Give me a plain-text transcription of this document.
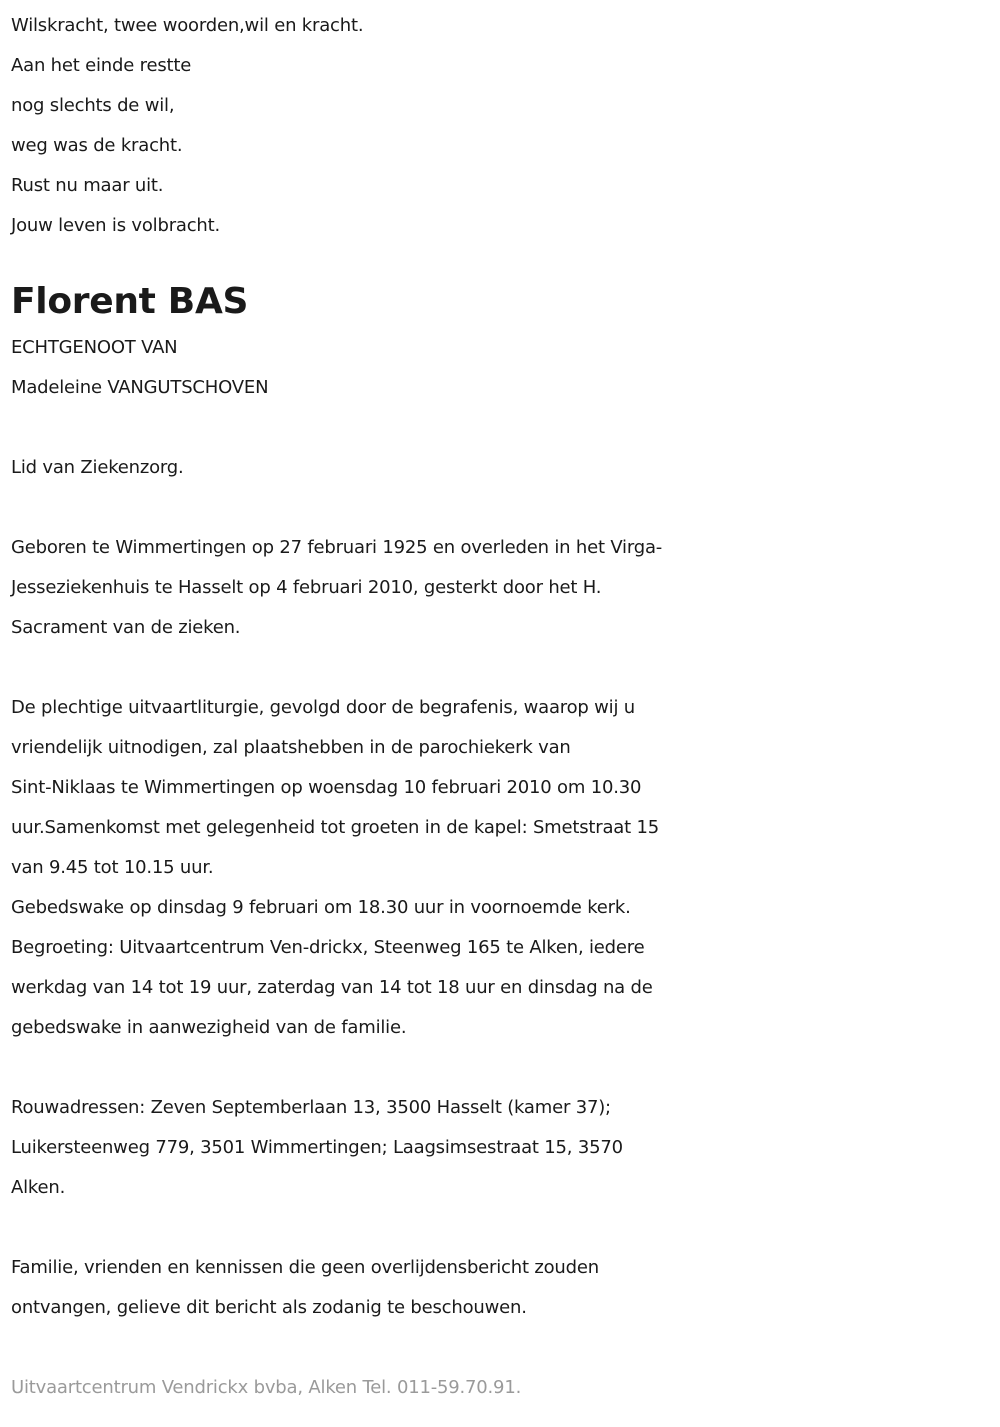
Wilskracht, twee woorden,wil en kracht.
Aan het einde restte
nog slechts de wil,
weg was de kracht.
Rust nu maar uit.
Jouw leven is volbracht.
Florent BAS
ECHTGENOOT VAN
Madeleine VANGUTSCHOVEN
Lid van Ziekenzorg.
Geboren te Wimmertingen op 27 februari 1925 en overleden in het Virga-
Jesseziekenhuis te Hasselt op 4 februari 2010, gesterkt door het H.
Sacrament van de zieken.
De plechtige uitvaartliturgie, gevolgd door de begrafenis, waarop wij u
vriendelijk uitnodigen, zal plaatshebben in de parochiekerk van
Sint-Niklaas te Wimmertingen op woensdag 10 februari 2010 om 10.30
uur.Samenkomst met gelegenheid tot groeten in de kapel: Smetstraat 15
van 9.45 tot 10.15 uur.
Gebedswake op dinsdag 9 februari om 18.30 uur in voornoemde kerk.
Begroeting: Uitvaartcentrum Ven-drickx, Steenweg 165 te Alken, iedere
werkdag van 14 tot 19 uur, zaterdag van 14 tot 18 uur en dinsdag na de
gebedswake in aanwezigheid van de familie.
Rouwadressen: Zeven Septemberlaan 13, 3500 Hasselt (kamer 37);
Luikersteenweg 779, 3501 Wimmertingen; Laagsimsestraat 15, 3570
Alken.
Familie, vrienden en kennissen die geen overlijdensbericht zouden
ontvangen, gelieve dit bericht als zodanig te beschouwen.
Uitvaartcentrum Vendrickx bvba, Alken Tel. 011-59.70.91.
